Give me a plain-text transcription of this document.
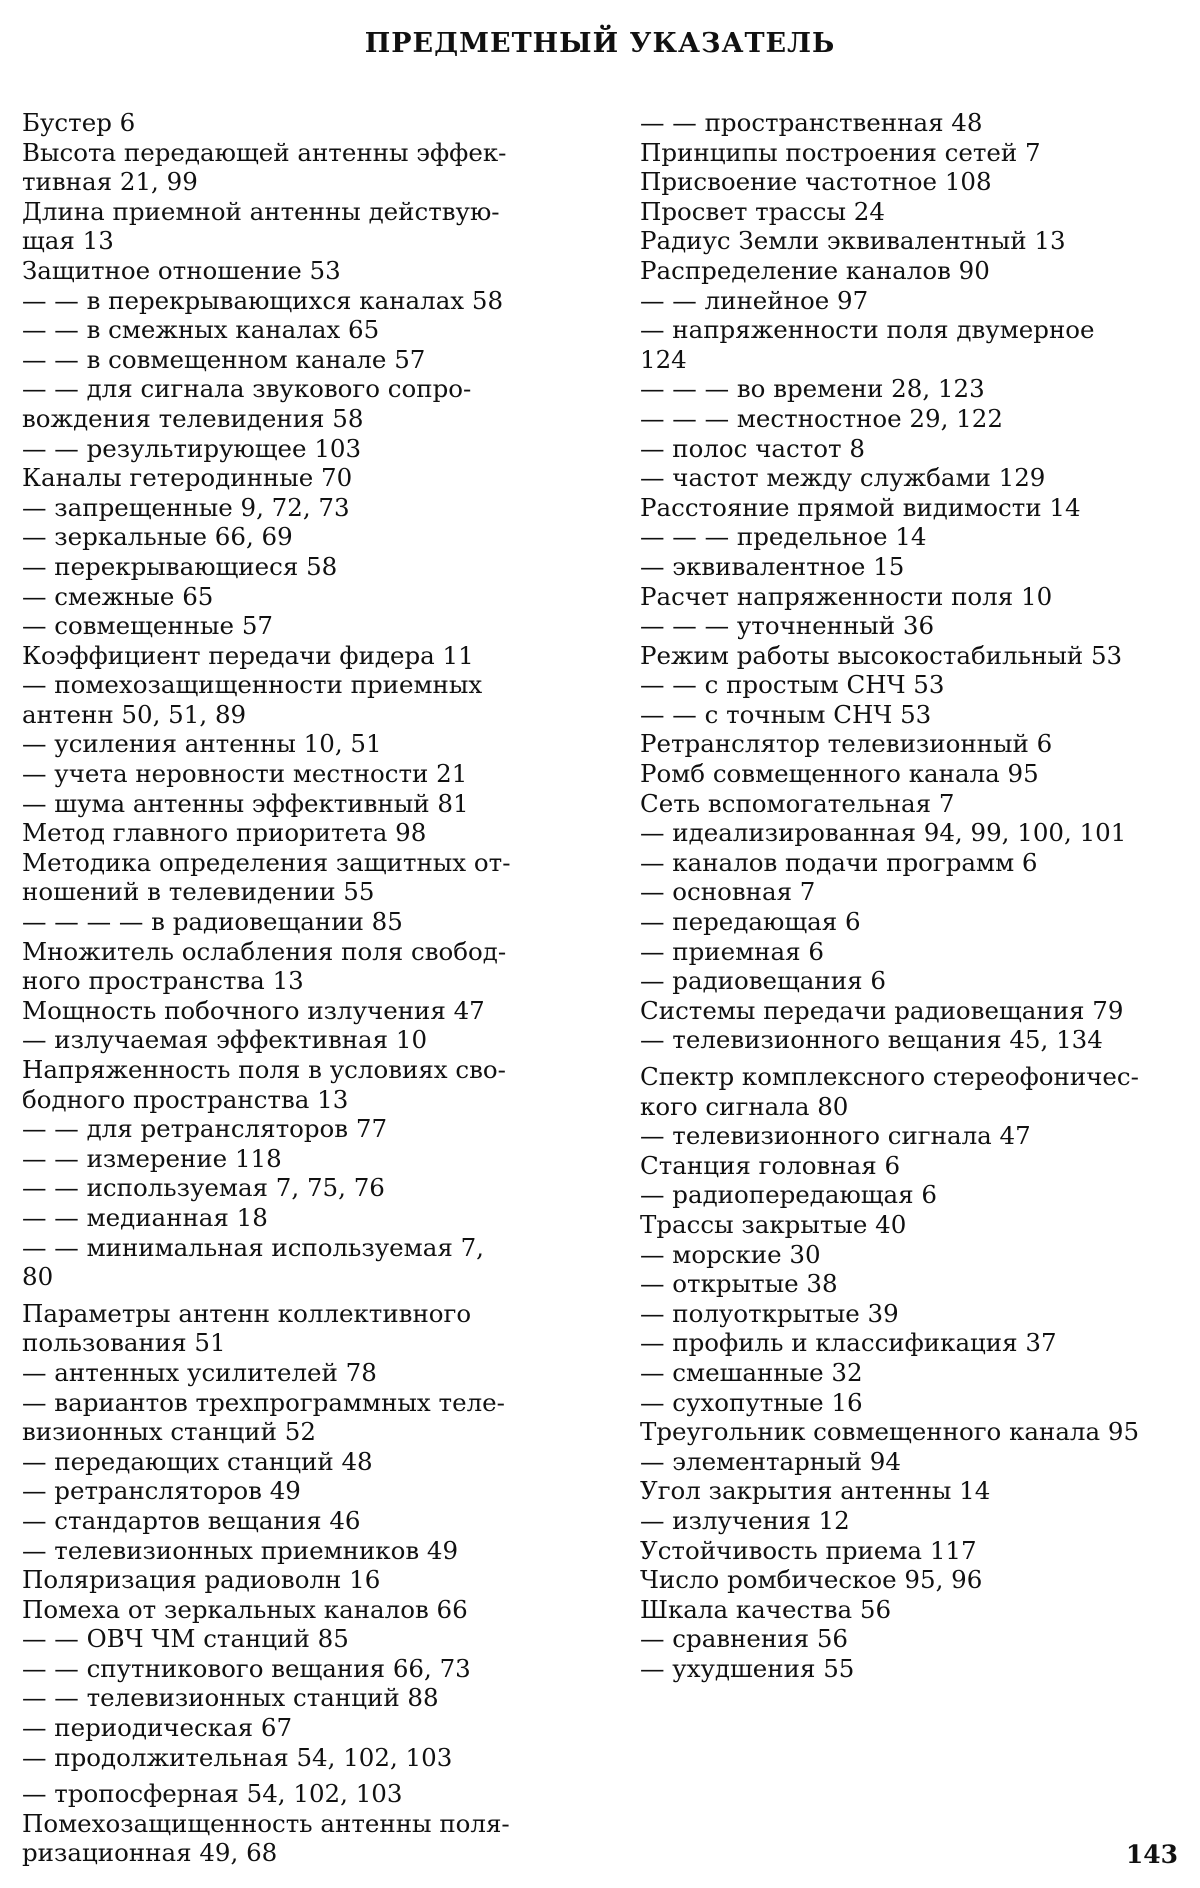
ПРЕДМЕТНЫЙ УКАЗАТЕЛЬ
Бустер 6
Высота передающей антенны эффек-
тивная 21, 99
Длина приемной антенны действую-
щая 13
Защитное отношение 53
— — в перекрывающихся каналах 58
— — в смежных каналах 65
— — в совмещенном канале 57
— — для сигнала звукового сопро-
вождения телевидения 58
— — результирующее 103
Каналы гетеродинные 70
— запрещенные 9, 72, 73
— зеркальные 66, 69
— перекрывающиеся 58
— смежные 65
— совмещенные 57
Коэффициент передачи фидера 11
— помехозащищенности приемных
антенн 50, 51, 89
— усиления антенны 10, 51
— учета неровности местности 21
— шума антенны эффективный 81
Метод главного приоритета 98
Методика определения защитных от-
ношений в телевидении 55
— — — — в радиовещании 85
Множитель ослабления поля свобод-
ного пространства 13
Мощность побочного излучения 47
— излучаемая эффективная 10
Напряженность поля в условиях сво-
бодного пространства 13
— — для ретрансляторов 77
— — измерение 118
— — используемая 7, 75, 76
— — медианная 18
— — минимальная используемая 7,
80
Параметры антенн коллективного
пользования 51
— антенных усилителей 78
— вариантов трехпрограммных теле-
визионных станций 52
— передающих станций 48
— ретрансляторов 49
— стандартов вещания 46
— телевизионных приемников 49
Поляризация радиоволн 16
Помеха от зеркальных каналов 66
— — ОВЧ ЧМ станций 85
— — спутникового вещания 66, 73
— — телевизионных станций 88
— периодическая 67
— продолжительная 54, 102, 103
— тропосферная 54, 102, 103
Помехозащищенность антенны поля-
ризационная 49, 68
— — пространственная 48
Принципы построения сетей 7
Присвоение частотное 108
Просвет трассы 24
Радиус Земли эквивалентный 13
Распределение каналов 90
— — линейное 97
— напряженности поля двумерное
124
— — — во времени 28, 123
— — — местностное 29, 122
— полос частот 8
— частот между службами 129
Расстояние прямой видимости 14
— — — предельное 14
— эквивалентное 15
Расчет напряженности поля 10
— — — уточненный 36
Режим работы высокостабильный 53
— — с простым СНЧ 53
— — с точным СНЧ 53
Ретранслятор телевизионный 6
Ромб совмещенного канала 95
Сеть вспомогательная 7
— идеализированная 94, 99, 100, 101
— каналов подачи программ 6
— основная 7
— передающая 6
— приемная 6
— радиовещания 6
Системы передачи радиовещания 79
— телевизионного вещания 45, 134
Спектр комплексного стереофоничес-
кого сигнала 80
— телевизионного сигнала 47
Станция головная 6
— радиопередающая 6
Трассы закрытые 40
— морские 30
— открытые 38
— полуоткрытые 39
— профиль и классификация 37
— смешанные 32
— сухопутные 16
Треугольник совмещенного канала 95
— элементарный 94
Угол закрытия антенны 14
— излучения 12
Устойчивость приема 117
Число ромбическое 95, 96
Шкала качества 56
— сравнения 56
— ухудшения 55
143
